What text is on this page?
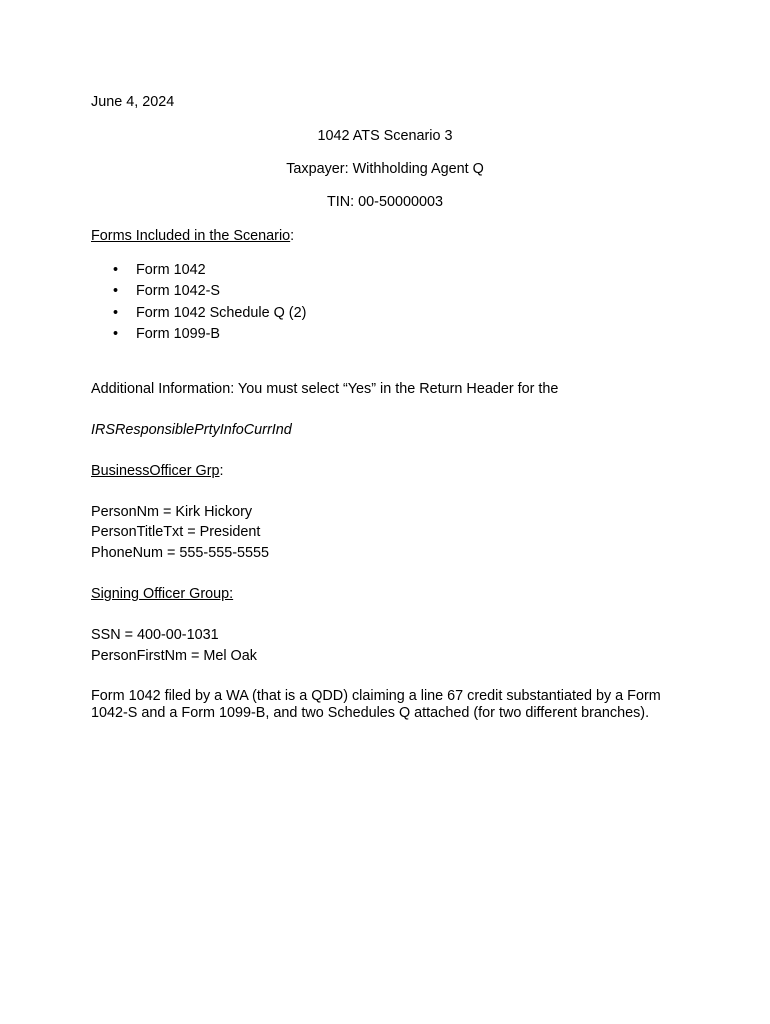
June 4, 2024
1042 ATS Scenario 3
Taxpayer: Withholding Agent Q
TIN: 00-50000003
Forms Included in the Scenario:
• Form 1042
• Form 1042-S
• Form 1042 Schedule Q (2)
• Form 1099-B
Additional Information: You must select “Yes” in the Return Header for the
IRSResponsiblePrtyInfoCurrInd
BusinessOfficer Grp:
PersonNm = Kirk Hickory
PersonTitleTxt = President
PhoneNum = 555-555-5555
Signing Officer Group:
SSN = 400-00-1031
PersonFirstNm = Mel Oak
Form 1042 filed by a WA (that is a QDD) claiming a line 67 credit substantiated by a Form 1042-S and a Form 1099-B, and two Schedules Q attached (for two different branches).
